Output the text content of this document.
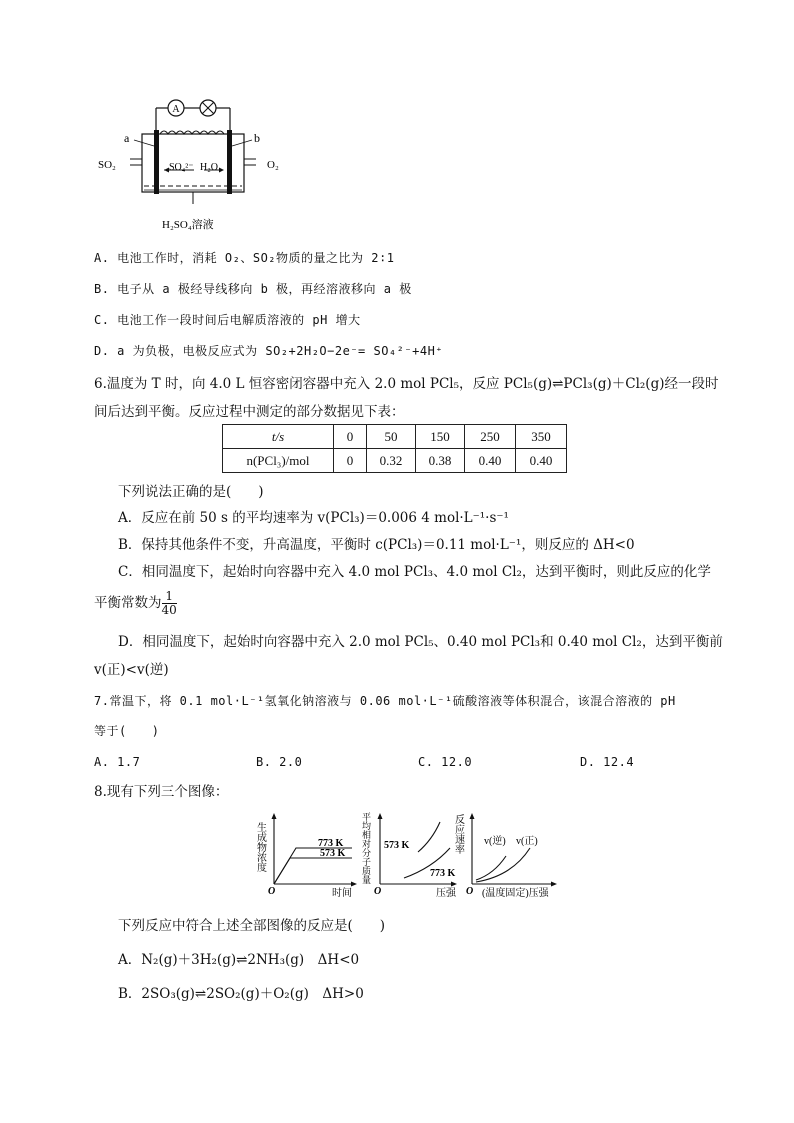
A
a	b
SO₂	O₂
SO₄²⁻ H₂O
H₂SO₄溶液
A. 电池工作时，消耗 O₂、SO₂物质的量之比为 2∶1
B. 电子从 a 极经导线移向 b 极，再经溶液移向 a 极
C. 电池工作一段时间后电解质溶液的 pH 增大
D. a 为负极，电极反应式为 SO₂+2H₂O−2e⁻= SO₄²⁻+4H⁺
6.温度为 T 时，向 4.0 L 恒容密闭容器中充入 2.0 mol PCl₅，反应 PCl₅(g)⇌PCl₃(g)＋Cl₂(g)经一段时
间后达到平衡。反应过程中测定的部分数据见下表：
t/s	0	50	150	250	350
n(PCl₃)/mol	0	0.32	0.38	0.40	0.40
下列说法正确的是(　　)
A．反应在前 50 s 的平均速率为 v(PCl₃)＝0.006 4 mol·L⁻¹·s⁻¹
B．保持其他条件不变，升高温度，平衡时 c(PCl₃)＝0.11 mol·L⁻¹，则反应的 ΔH<0
C．相同温度下，起始时向容器中充入 4.0 mol PCl₃、4.0 mol Cl₂，达到平衡时，则此反应的化学
平衡常数为 $\frac{1}{40}$
D．相同温度下，起始时向容器中充入 2.0 mol PCl₅、0.40 mol PCl₃和 0.40 mol Cl₂，达到平衡前
v(正)<v(逆)
7.常温下，将 0.1 mol·L⁻¹氢氧化钠溶液与 0.06 mol·L⁻¹硫酸溶液等体积混合，该混合溶液的 pH
等于(　　)
A. 1.7	B. 2.0	C. 12.0	D. 12.4
8.现有下列三个图像：
生成物浓度	773 K
573 K
O	时间
平均相对分子质量 573 K
773 K
O	压强
反应速率 v(逆) v(正)
O (温度固定)压强
下列反应中符合上述全部图像的反应是(　　)
A．N₂(g)＋3H₂(g)⇌2NH₃(g)　ΔH<0
B．2SO₃(g)⇌2SO₂(g)＋O₂(g)　ΔH>0
